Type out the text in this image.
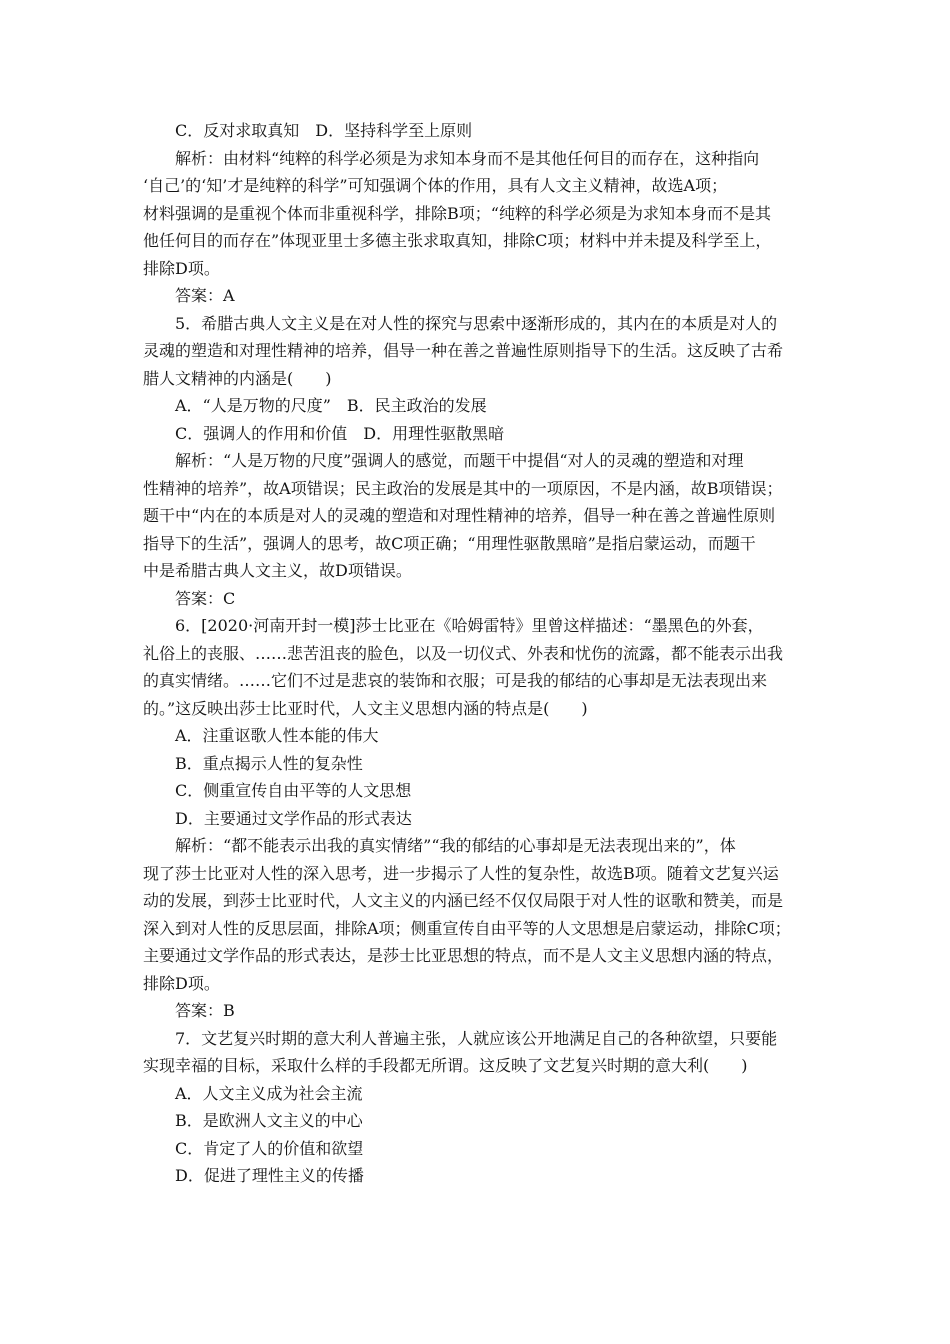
C．反对求取真知　D．坚持科学至上原则
解析：由材料“纯粹的科学必须是为求知本身而不是其他任何目的而存在，这种指向
‘自己’的‘知’才是纯粹的科学”可知强调个体的作用，具有人文主义精神，故选A项；
材料强调的是重视个体而非重视科学，排除B项；“纯粹的科学必须是为求知本身而不是其
他任何目的而存在”体现亚里士多德主张求取真知，排除C项；材料中并未提及科学至上，
排除D项。
答案：A
5．希腊古典人文主义是在对人性的探究与思索中逐渐形成的，其内在的本质是对人的
灵魂的塑造和对理性精神的培养，倡导一种在善之普遍性原则指导下的生活。这反映了古希
腊人文精神的内涵是(　　)
A．“人是万物的尺度”　B．民主政治的发展
C．强调人的作用和价值　D．用理性驱散黑暗
解析：“人是万物的尺度”强调人的感觉，而题干中提倡“对人的灵魂的塑造和对理
性精神的培养”，故A项错误；民主政治的发展是其中的一项原因，不是内涵，故B项错误；
题干中“内在的本质是对人的灵魂的塑造和对理性精神的培养，倡导一种在善之普遍性原则
指导下的生活”，强调人的思考，故C项正确；“用理性驱散黑暗”是指启蒙运动，而题干
中是希腊古典人文主义，故D项错误。
答案：C
6．[2020·河南开封一模]莎士比亚在《哈姆雷特》里曾这样描述：“墨黑色的外套，
礼俗上的丧服、……悲苦沮丧的脸色，以及一切仪式、外表和忧伤的流露，都不能表示出我
的真实情绪。……它们不过是悲哀的装饰和衣服；可是我的郁结的心事却是无法表现出来
的。”这反映出莎士比亚时代，人文主义思想内涵的特点是(　　)
A．注重讴歌人性本能的伟大
B．重点揭示人性的复杂性
C．侧重宣传自由平等的人文思想
D．主要通过文学作品的形式表达
解析：“都不能表示出我的真实情绪”“我的郁结的心事却是无法表现出来的”，体
现了莎士比亚对人性的深入思考，进一步揭示了人性的复杂性，故选B项。随着文艺复兴运
动的发展，到莎士比亚时代，人文主义的内涵已经不仅仅局限于对人性的讴歌和赞美，而是
深入到对人性的反思层面，排除A项；侧重宣传自由平等的人文思想是启蒙运动，排除C项；
主要通过文学作品的形式表达，是莎士比亚思想的特点，而不是人文主义思想内涵的特点，
排除D项。
答案：B
7．文艺复兴时期的意大利人普遍主张，人就应该公开地满足自己的各种欲望，只要能
实现幸福的目标，采取什么样的手段都无所谓。这反映了文艺复兴时期的意大利(　　)
A．人文主义成为社会主流
B．是欧洲人文主义的中心
C．肯定了人的价值和欲望
D．促进了理性主义的传播
